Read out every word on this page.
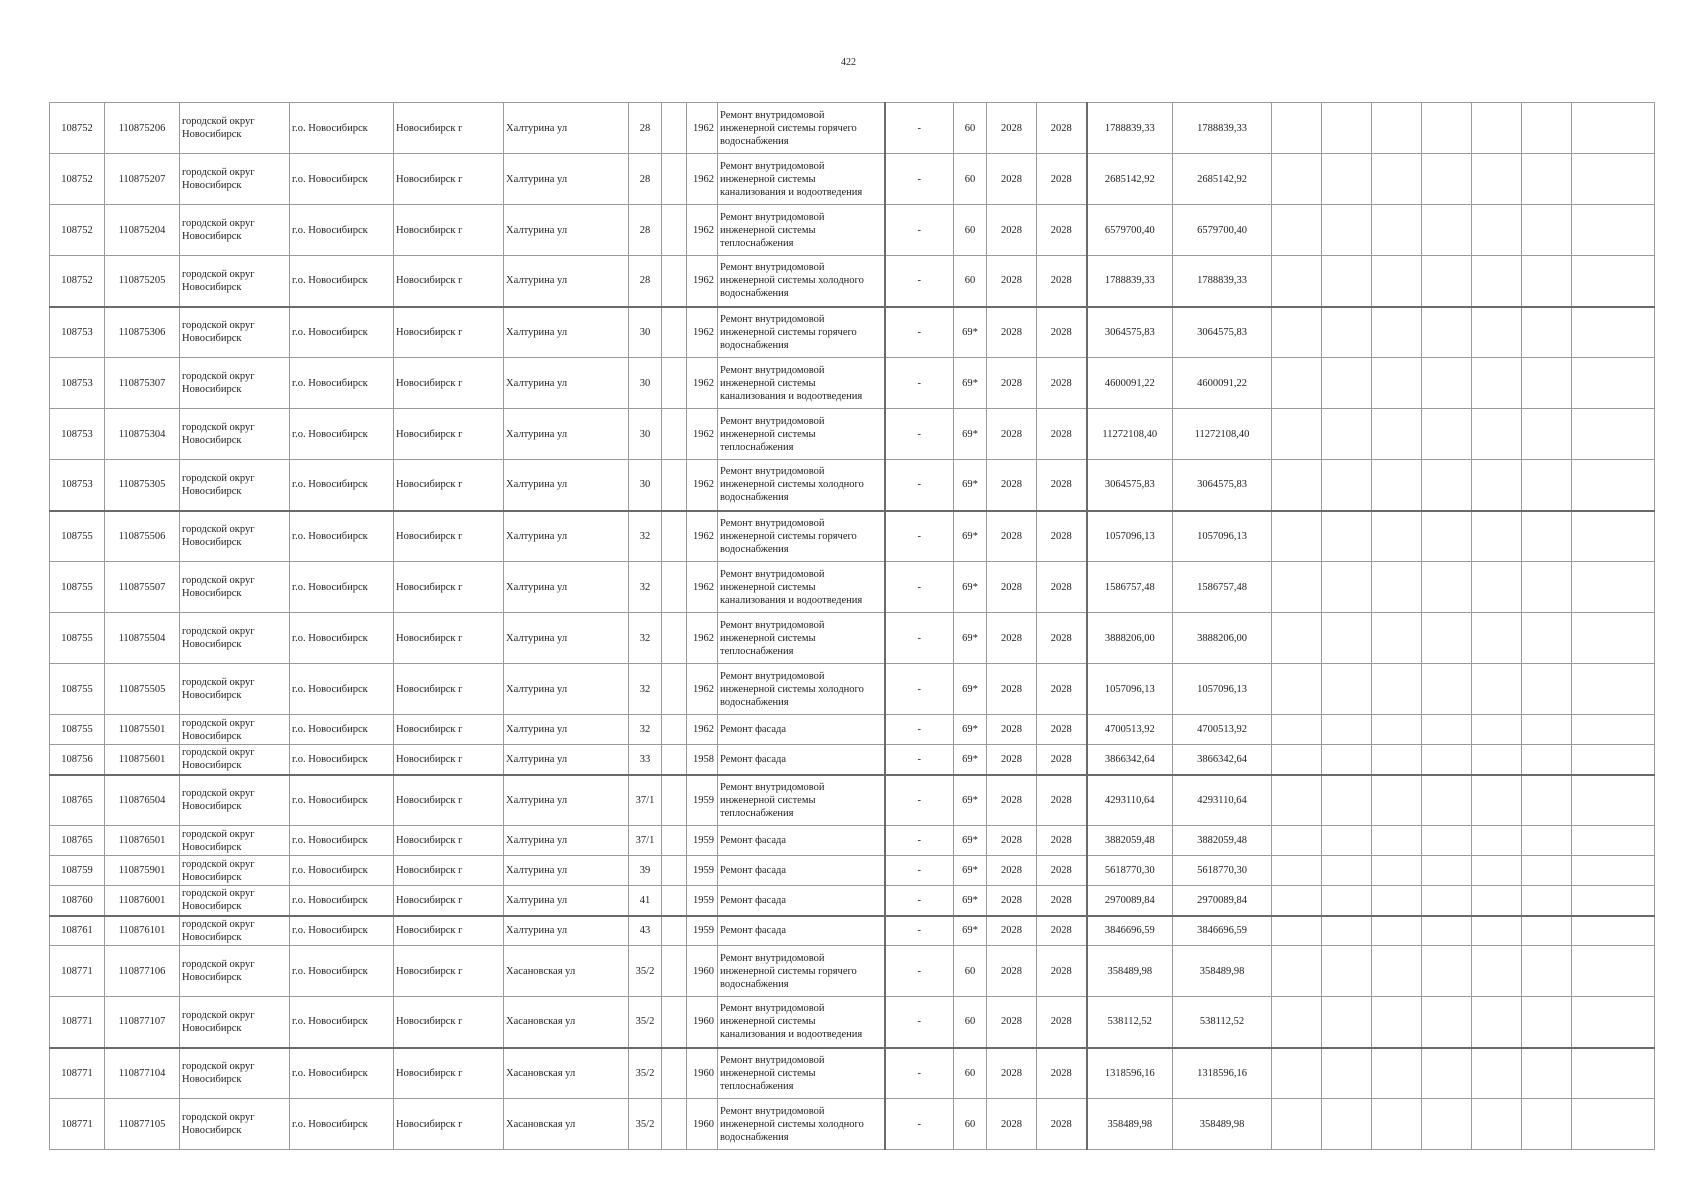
422
108752	110875206	городской округ Новосибирск	г.о. Новосибирск	Новосибирск г	Халтурина ул	28		1962	Ремонт внутридомовой инженерной системы горячего водоснабжения	-	60	2028	2028	1788839,33	1788839,33							
108752	110875207	городской округ Новосибирск	г.о. Новосибирск	Новосибирск г	Халтурина ул	28		1962	Ремонт внутридомовой инженерной системы канализования и водоотведения	-	60	2028	2028	2685142,92	2685142,92							
108752	110875204	городской округ Новосибирск	г.о. Новосибирск	Новосибирск г	Халтурина ул	28		1962	Ремонт внутридомовой инженерной системы теплоснабжения	-	60	2028	2028	6579700,40	6579700,40							
108752	110875205	городской округ Новосибирск	г.о. Новосибирск	Новосибирск г	Халтурина ул	28		1962	Ремонт внутридомовой инженерной системы холодного водоснабжения	-	60	2028	2028	1788839,33	1788839,33							
108753	110875306	городской округ Новосибирск	г.о. Новосибирск	Новосибирск г	Халтурина ул	30		1962	Ремонт внутридомовой инженерной системы горячего водоснабжения	-	69*	2028	2028	3064575,83	3064575,83							
108753	110875307	городской округ Новосибирск	г.о. Новосибирск	Новосибирск г	Халтурина ул	30		1962	Ремонт внутридомовой инженерной системы канализования и водоотведения	-	69*	2028	2028	4600091,22	4600091,22							
108753	110875304	городской округ Новосибирск	г.о. Новосибирск	Новосибирск г	Халтурина ул	30		1962	Ремонт внутридомовой инженерной системы теплоснабжения	-	69*	2028	2028	11272108,40	11272108,40							
108753	110875305	городской округ Новосибирск	г.о. Новосибирск	Новосибирск г	Халтурина ул	30		1962	Ремонт внутридомовой инженерной системы холодного водоснабжения	-	69*	2028	2028	3064575,83	3064575,83							
108755	110875506	городской округ Новосибирск	г.о. Новосибирск	Новосибирск г	Халтурина ул	32		1962	Ремонт внутридомовой инженерной системы горячего водоснабжения	-	69*	2028	2028	1057096,13	1057096,13							
108755	110875507	городской округ Новосибирск	г.о. Новосибирск	Новосибирск г	Халтурина ул	32		1962	Ремонт внутридомовой инженерной системы канализования и водоотведения	-	69*	2028	2028	1586757,48	1586757,48							
108755	110875504	городской округ Новосибирск	г.о. Новосибирск	Новосибирск г	Халтурина ул	32		1962	Ремонт внутридомовой инженерной системы теплоснабжения	-	69*	2028	2028	3888206,00	3888206,00							
108755	110875505	городской округ Новосибирск	г.о. Новосибирск	Новосибирск г	Халтурина ул	32		1962	Ремонт внутридомовой инженерной системы холодного водоснабжения	-	69*	2028	2028	1057096,13	1057096,13							
108755	110875501	городской округ Новосибирск	г.о. Новосибирск	Новосибирск г	Халтурина ул	32		1962	Ремонт фасада	-	69*	2028	2028	4700513,92	4700513,92							
108756	110875601	городской округ Новосибирск	г.о. Новосибирск	Новосибирск г	Халтурина ул	33		1958	Ремонт фасада	-	69*	2028	2028	3866342,64	3866342,64							
108765	110876504	городской округ Новосибирск	г.о. Новосибирск	Новосибирск г	Халтурина ул	37/1		1959	Ремонт внутридомовой инженерной системы теплоснабжения	-	69*	2028	2028	4293110,64	4293110,64							
108765	110876501	городской округ Новосибирск	г.о. Новосибирск	Новосибирск г	Халтурина ул	37/1		1959	Ремонт фасада	-	69*	2028	2028	3882059,48	3882059,48							
108759	110875901	городской округ Новосибирск	г.о. Новосибирск	Новосибирск г	Халтурина ул	39		1959	Ремонт фасада	-	69*	2028	2028	5618770,30	5618770,30							
108760	110876001	городской округ Новосибирск	г.о. Новосибирск	Новосибирск г	Халтурина ул	41		1959	Ремонт фасада	-	69*	2028	2028	2970089,84	2970089,84							
108761	110876101	городской округ Новосибирск	г.о. Новосибирск	Новосибирск г	Халтурина ул	43		1959	Ремонт фасада	-	69*	2028	2028	3846696,59	3846696,59							
108771	110877106	городской округ Новосибирск	г.о. Новосибирск	Новосибирск г	Хасановская ул	35/2		1960	Ремонт внутридомовой инженерной системы горячего водоснабжения	-	60	2028	2028	358489,98	358489,98							
108771	110877107	городской округ Новосибирск	г.о. Новосибирск	Новосибирск г	Хасановская ул	35/2		1960	Ремонт внутридомовой инженерной системы канализования и водоотведения	-	60	2028	2028	538112,52	538112,52							
108771	110877104	городской округ Новосибирск	г.о. Новосибирск	Новосибирск г	Хасановская ул	35/2		1960	Ремонт внутридомовой инженерной системы теплоснабжения	-	60	2028	2028	1318596,16	1318596,16							
108771	110877105	городской округ Новосибирск	г.о. Новосибирск	Новосибирск г	Хасановская ул	35/2		1960	Ремонт внутридомовой инженерной системы холодного водоснабжения	-	60	2028	2028	358489,98	358489,98							
